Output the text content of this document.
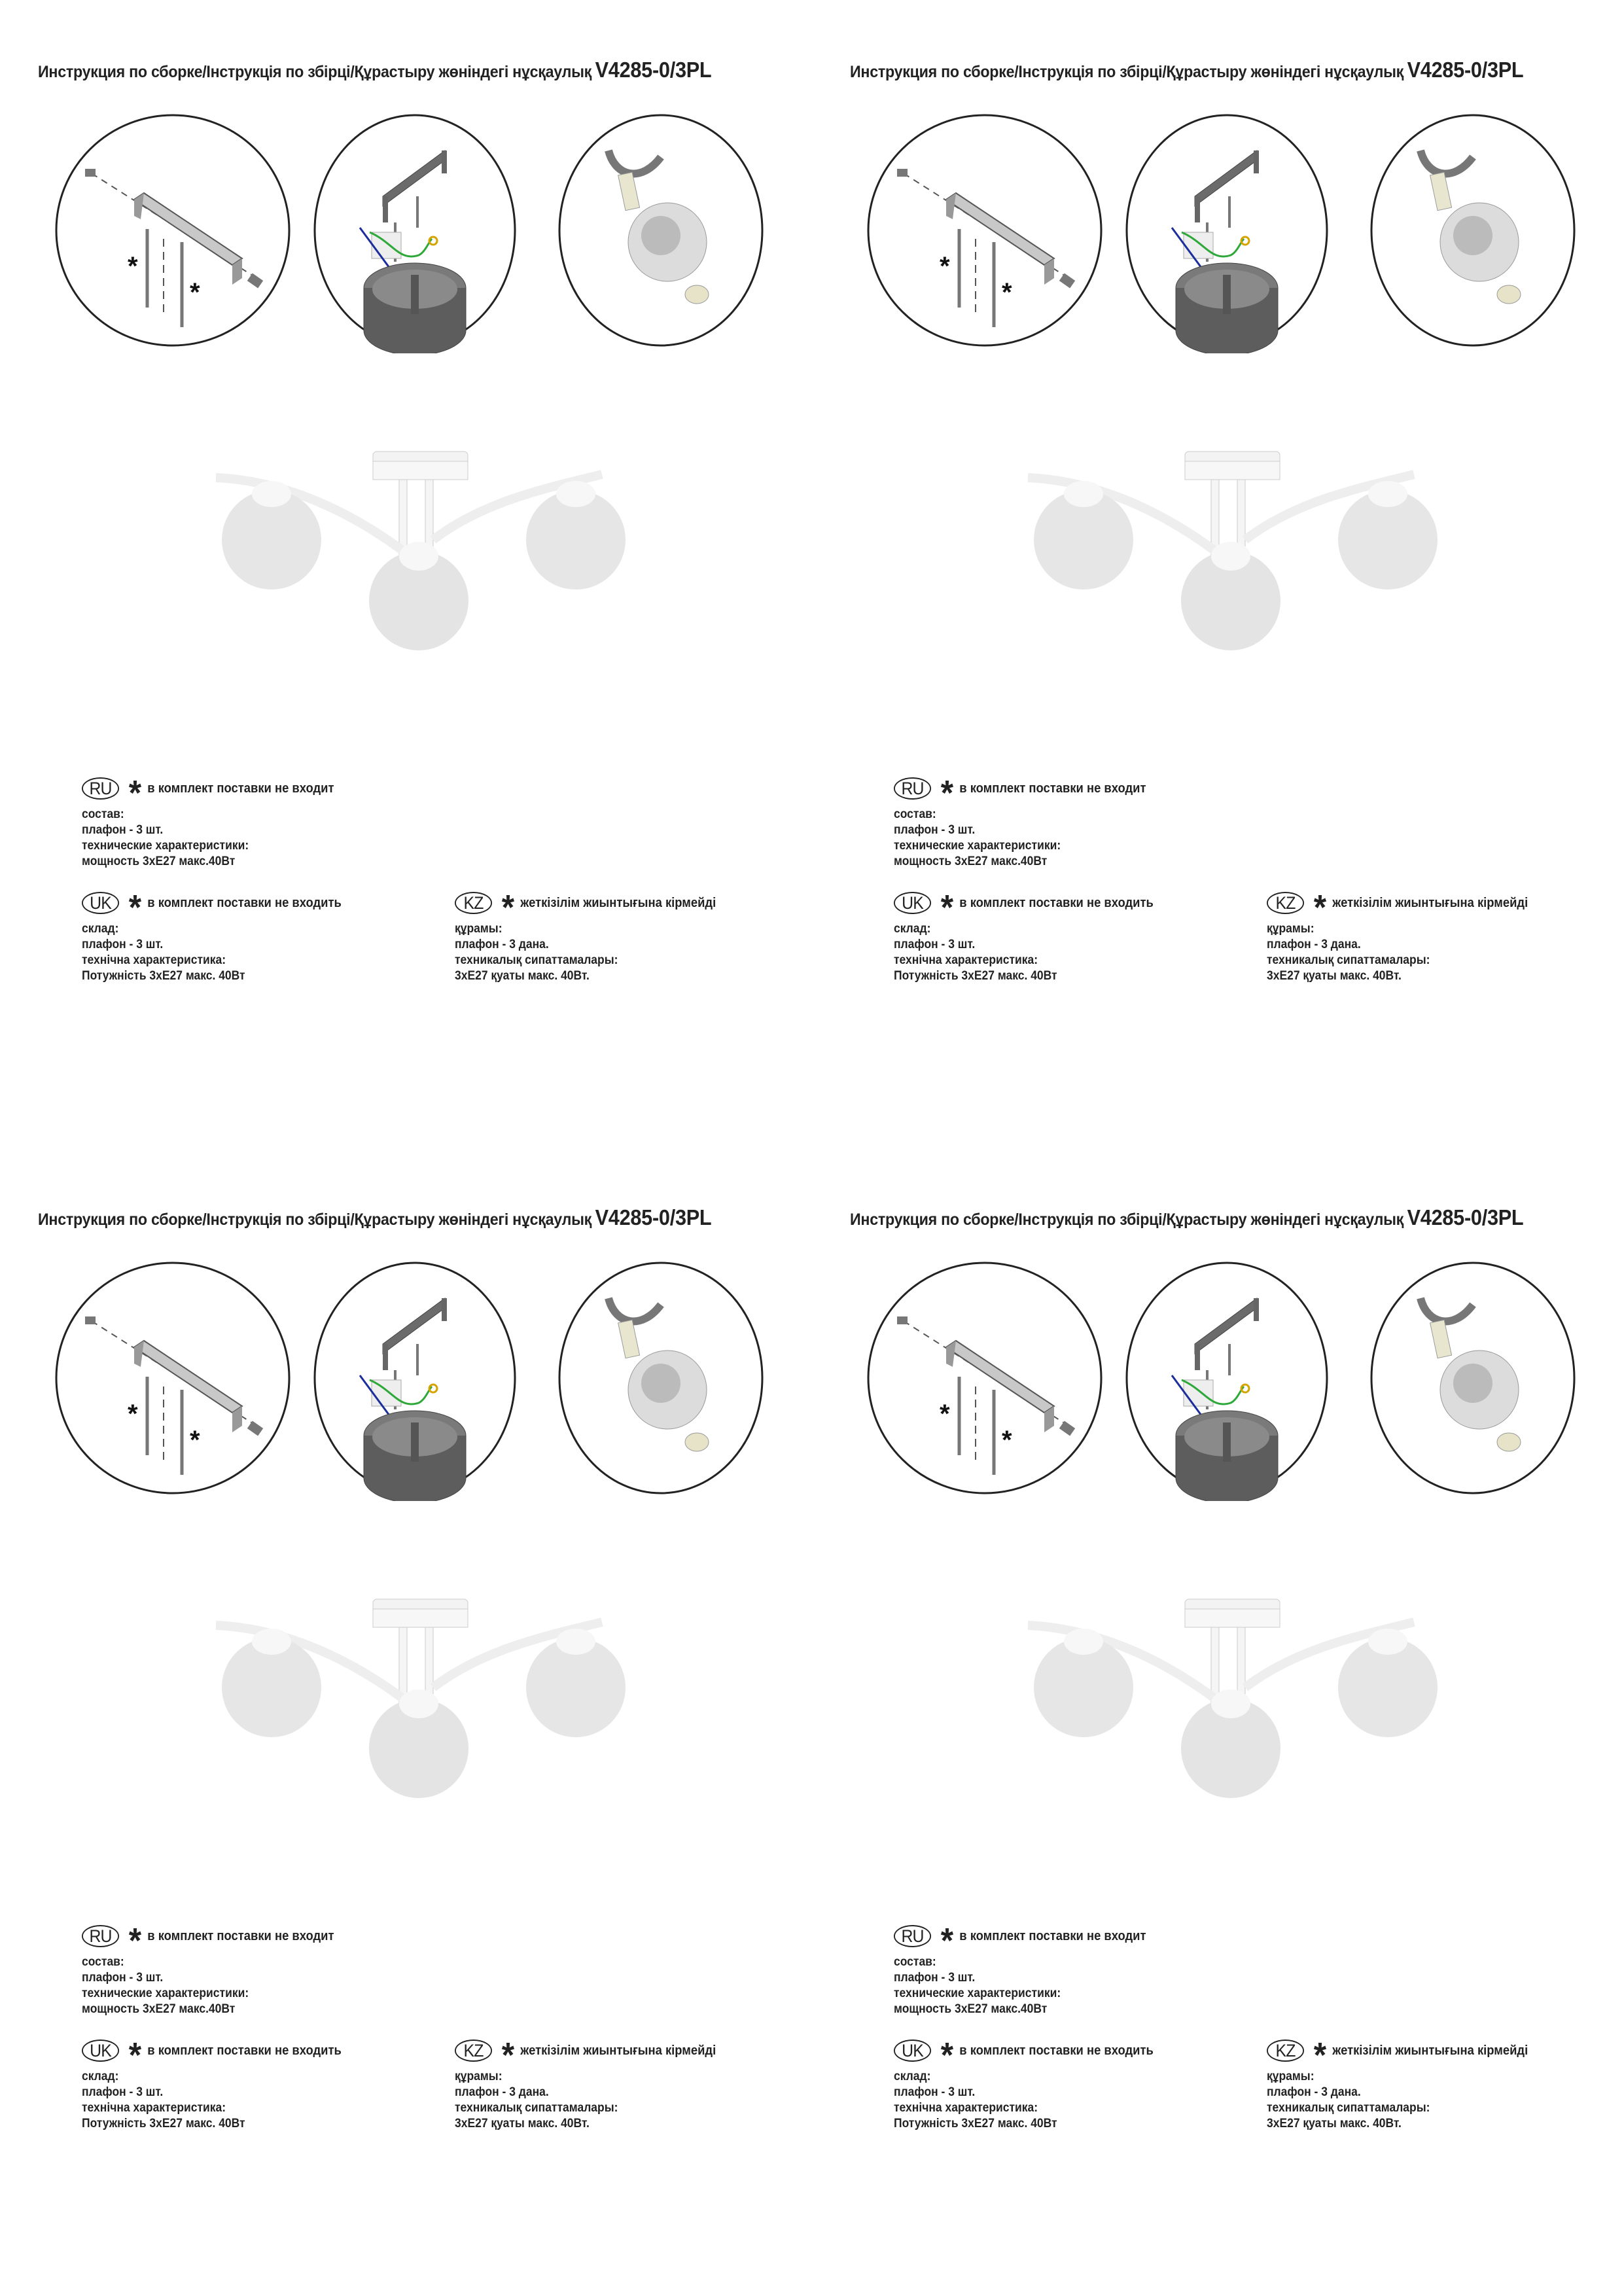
Инструкция по сборке/Інструкція по збірці/Құрастыру жөніндегі нұсқаулық V4285-0/3PL
*
*
RU * в комплект поставки не входит
состав:
плафон - 3 шт.
технические характеристики:
мощность 3xE27 макс.40Вт
UK * в комплект поставки не входить
склад:
плафон - 3 шт.
технічна характеристика:
Потужність 3xE27 макс. 40Вт
KZ * жеткізілім жиынтығына кірмейді
құрамы:
плафон - 3 дана.
техникалық сипаттамалары:
3xE27 қуаты макс. 40Вт.
Инструкция по сборке/Інструкція по збірці/Құрастыру жөніндегі нұсқаулық V4285-0/3PL
*
*
RU * в комплект поставки не входит
состав:
плафон - 3 шт.
технические характеристики:
мощность 3xE27 макс.40Вт
UK * в комплект поставки не входить
склад:
плафон - 3 шт.
технічна характеристика:
Потужність 3xE27 макс. 40Вт
KZ * жеткізілім жиынтығына кірмейді
құрамы:
плафон - 3 дана.
техникалық сипаттамалары:
3xE27 қуаты макс. 40Вт.
Инструкция по сборке/Інструкція по збірці/Құрастыру жөніндегі нұсқаулық V4285-0/3PL
*
*
RU * в комплект поставки не входит
состав:
плафон - 3 шт.
технические характеристики:
мощность 3xE27 макс.40Вт
UK * в комплект поставки не входить
склад:
плафон - 3 шт.
технічна характеристика:
Потужність 3xE27 макс. 40Вт
KZ * жеткізілім жиынтығына кірмейді
құрамы:
плафон - 3 дана.
техникалық сипаттамалары:
3xE27 қуаты макс. 40Вт.
Инструкция по сборке/Інструкція по збірці/Құрастыру жөніндегі нұсқаулық V4285-0/3PL
*
*
RU * в комплект поставки не входит
состав:
плафон - 3 шт.
технические характеристики:
мощность 3xE27 макс.40Вт
UK * в комплект поставки не входить
склад:
плафон - 3 шт.
технічна характеристика:
Потужність 3xE27 макс. 40Вт
KZ * жеткізілім жиынтығына кірмейді
құрамы:
плафон - 3 дана.
техникалық сипаттамалары:
3xE27 қуаты макс. 40Вт.
